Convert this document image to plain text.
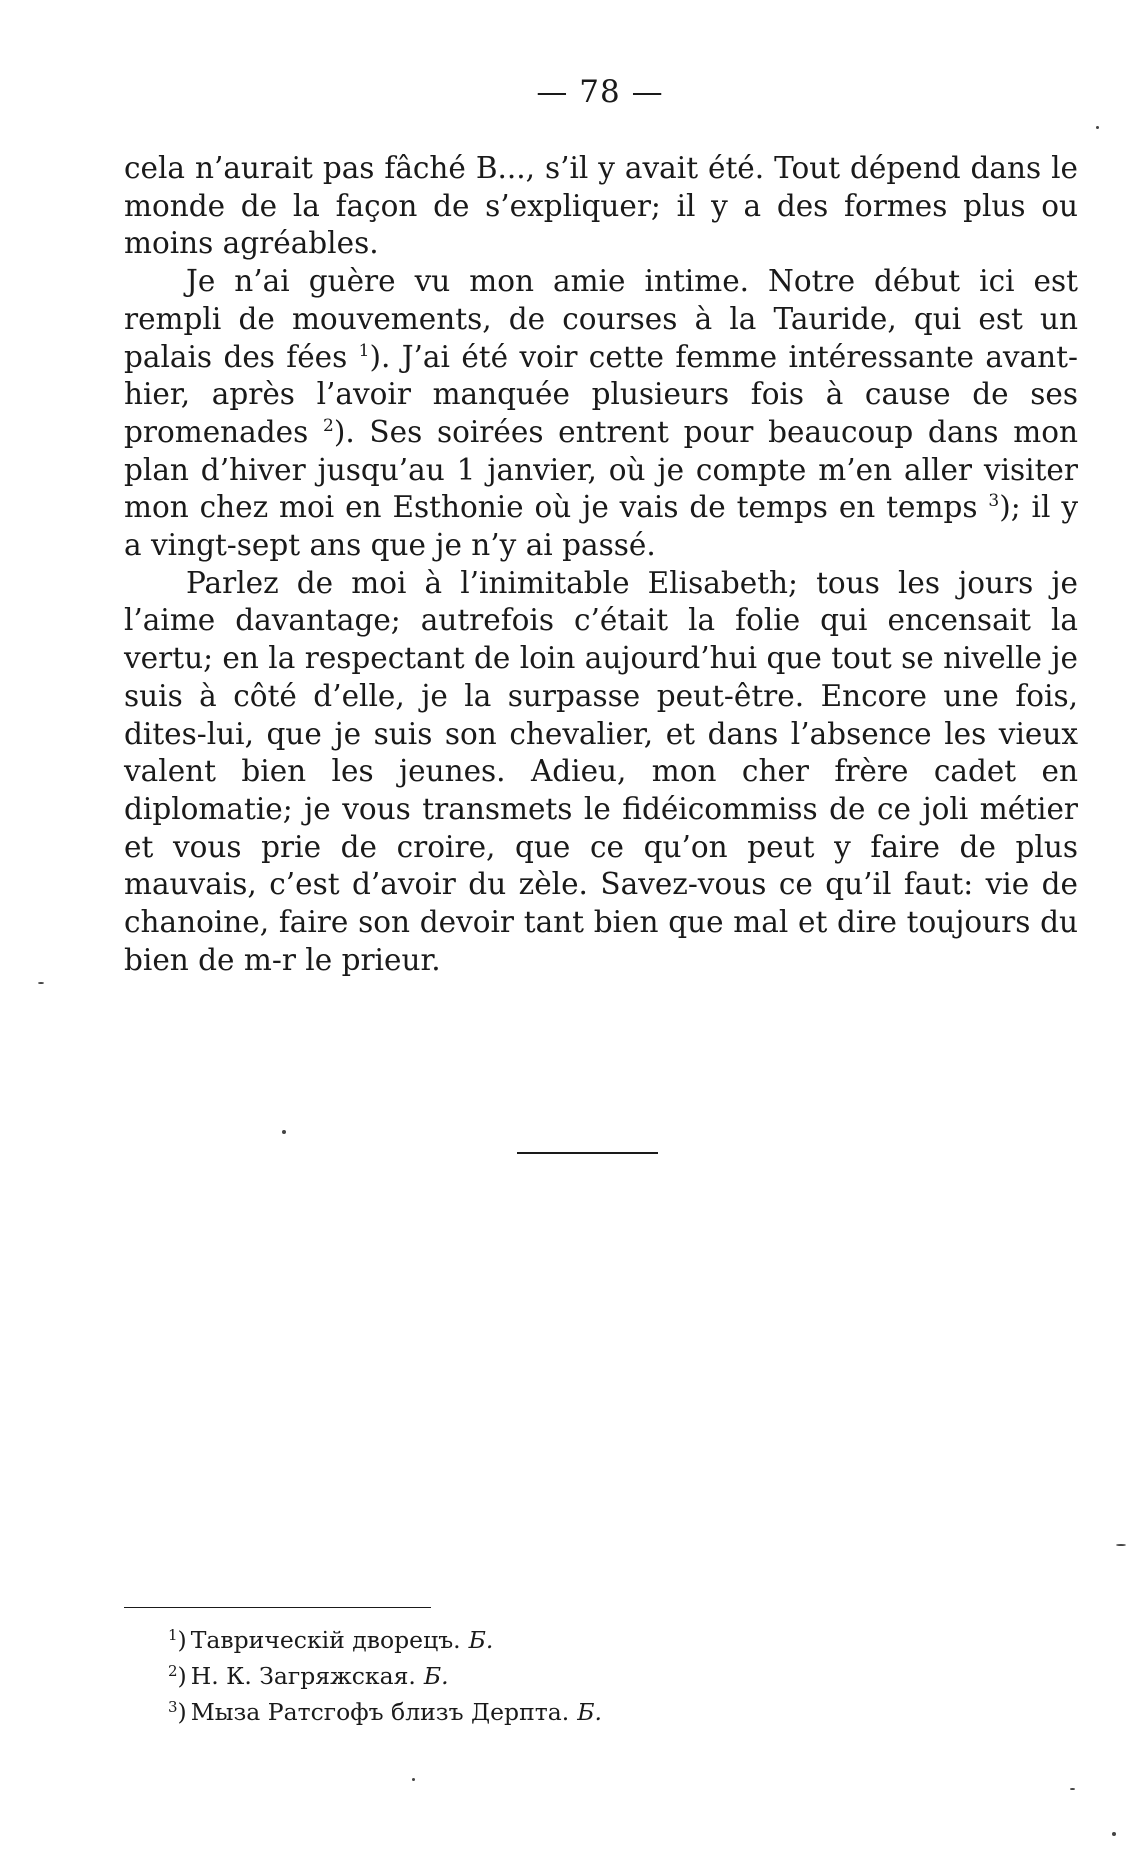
— 78 —

cela n’aurait pas fâché B..., s’il y avait été. Tout dépend dans le monde de la façon de s’expliquer; il y a des formes plus ou moins agréables.

Je n’ai guère vu mon amie intime. Notre début ici est rempli de mouvements, de courses à la Tauride, qui est un palais des fées $^1$). J’ai été voir cette femme intéressante avant-hier, après l’avoir manquée plusieurs fois à cause de ses promenades $^2$). Ses soirées entrent pour beaucoup dans mon plan d’hiver jusqu’au 1 janvier, où je compte m’en aller visiter mon chez moi en Esthonie où je vais de temps en temps $^3$); il y a vingt-sept ans que je n’y ai passé.

Parlez de moi à l’inimitable Elisabeth; tous les jours je l’aime davantage; autrefois c’était la folie qui encensait la vertu; en la respectant de loin aujourd’hui que tout se nivelle je suis à côté d’elle, je la surpasse peut-être. Encore une fois, dites-lui, que je suis son chevalier, et dans l’absence les vieux valent bien les jeunes. Adieu, mon cher frère cadet en diplomatie; je vous transmets le fidéicommiss de ce joli métier et vous prie de croire, que ce qu’on peut y faire de plus mauvais, c’est d’avoir du zèle. Savez-vous ce qu’il faut: vie de chanoine, faire son devoir tant bien que mal et dire toujours du bien de m-r le prieur.

$^1$) Таврическій дворецъ. Б.
$^2$) Н. К. Загряжская. Б.
$^3$) Мыза Ратсгофъ близъ Дерпта. Б.
